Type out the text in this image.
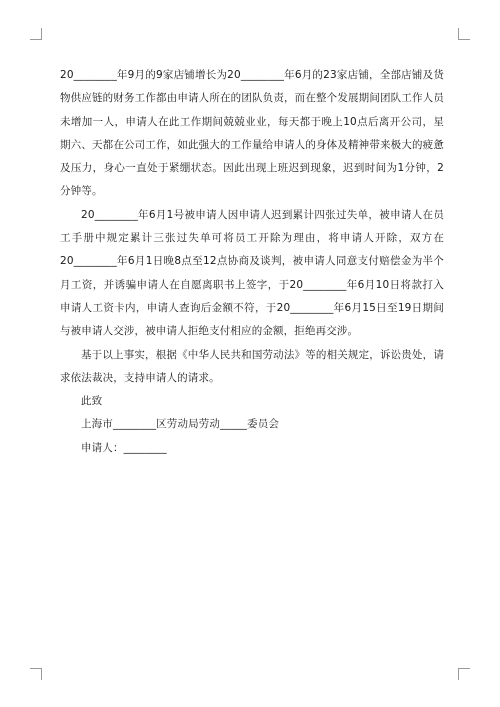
20________年9月的9家店铺增长为20________年6月的23家店铺，全部店铺及货物供应链的财务工作都由申请人所在的团队负责，而在整个发展期间团队工作人员未增加一人，申请人在此工作期间兢兢业业，每天都于晚上10点后离开公司，星期六、天都在公司工作，如此强大的工作量给申请人的身体及精神带来极大的疲惫及压力，身心一直处于紧绷状态。因此出现上班迟到现象，迟到时间为1分钟，2分钟等。

20________年6月1号被申请人因申请人迟到累计四张过失单，被申请人在员工手册中规定累计三张过失单可将员工开除为理由，将申请人开除，双方在20________年6月1日晚8点至12点协商及谈判，被申请人同意支付赔偿金为半个月工资，并诱骗申请人在自愿离职书上签字，于20________年6月10日将款打入申请人工资卡内，申请人查询后金额不符，于20________年6月15日至19日期间与被申请人交涉，被申请人拒绝支付相应的金额，拒绝再交涉。

基于以上事实，根据《中华人民共和国劳动法》等的相关规定，诉讼贵处，请求依法裁决，支持申请人的请求。

此致

上海市________区劳动局劳动_____委员会

申请人：________
